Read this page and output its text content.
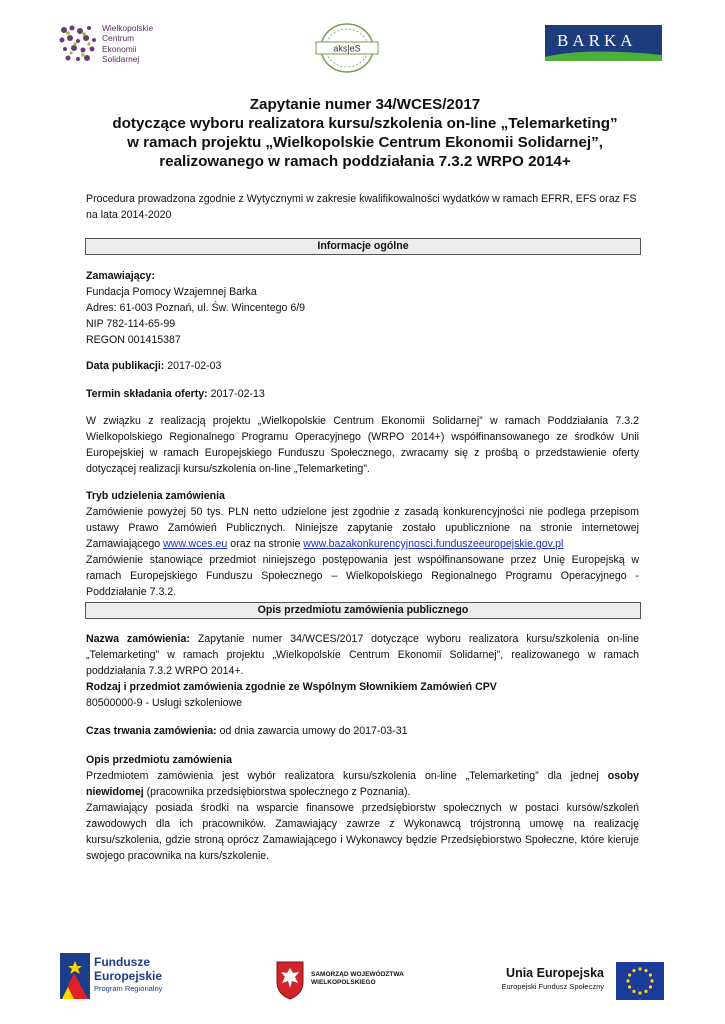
Wielkopolskie
Centrum
Ekonomii
Solidarnej
aks|eS	BARKA
Zapytanie numer 34/WCES/2017
dotyczące wyboru realizatora kursu/szkolenia on-line „Telemarketing”
w ramach projektu „Wielkopolskie Centrum Ekonomii Solidarnej”,
realizowanego w ramach poddziałania 7.3.2 WRPO 2014+
Procedura prowadzona zgodnie z Wytycznymi w zakresie kwalifikowalności wydatków w ramach EFRR, EFS oraz FS na lata 2014-2020
Informacje ogólne
Zamawiający:
Fundacja Pomocy Wzajemnej Barka
Adres: 61-003 Poznań, ul. Św. Wincentego 6/9
NIP 782-114-65-99
REGON 001415387
Data publikacji: 2017-02-03
Termin składania oferty: 2017-02-13
W związku z realizacją projektu „Wielkopolskie Centrum Ekonomii Solidarnej” w ramach Poddziałania 7.3.2 Wielkopolskiego Regionalnego Programu Operacyjnego (WRPO 2014+) współfinansowanego ze środków Unii Europejskiej w ramach Europejskiego Funduszu Społecznego, zwracamy się z prośbą o przedstawienie oferty dotyczącej realizacji kursu/szkolenia on-line „Telemarketing”.
Tryb udzielenia zamówienia
Zamówienie powyżej 50 tys. PLN netto udzielone jest zgodnie z zasadą konkurencyjności nie podlega przepisom ustawy Prawo Zamówień Publicznych. Niniejsze zapytanie zostało upublicznione na stronie internetowej Zamawiającego www.wces.eu oraz na stronie www.bazakonkurencyjnosci.funduszeeuropejskie.gov.pl
Zamówienie stanowiące przedmiot niniejszego postępowania jest współfinansowane przez Unię Europejską w ramach Europejskiego Funduszu Społecznego – Wielkopolskiego Regionalnego Programu Operacyjnego - Poddziałanie 7.3.2.
Opis przedmiotu zamówienia publicznego
Nazwa zamówienia: Zapytanie numer 34/WCES/2017 dotyczące wyboru realizatora kursu/szkolenia on-line „Telemarketing” w ramach projektu „Wielkopolskie Centrum Ekonomii Solidarnej”, realizowanego w ramach poddziałania 7.3.2 WRPO 2014+.
Rodzaj i przedmiot zamówienia zgodnie ze Wspólnym Słownikiem Zamówień CPV
80500000-9 - Usługi szkoleniowe
Czas trwania zamówienia: od dnia zawarcia umowy do 2017-03-31
Opis przedmiotu zamówienia
Przedmiotem zamówienia jest wybór realizatora kursu/szkolenia on-line „Telemarketing” dla jednej osoby niewidomej (pracownika przedsiębiorstwa społecznego z Poznania).
Zamawiający posiada środki na wsparcie finansowe przedsiębiorstw społecznych w postaci kursów/szkoleń zawodowych dla ich pracowników. Zamawiający zawrze z Wykonawcą trójstronną umowę na realizację kursu/szkolenia, gdzie stroną oprócz Zamawiającego i Wykonawcy będzie Przedsiębiorstwo Społeczne, które kieruje swojego pracownika na kurs/szkolenie.
Fundusze
Europejskie
Program Regionalny
SAMORZĄD WOJEWÓDZTWA
WIELKOPOLSKIEGO
Unia Europejska
Europejski Fundusz Społeczny
